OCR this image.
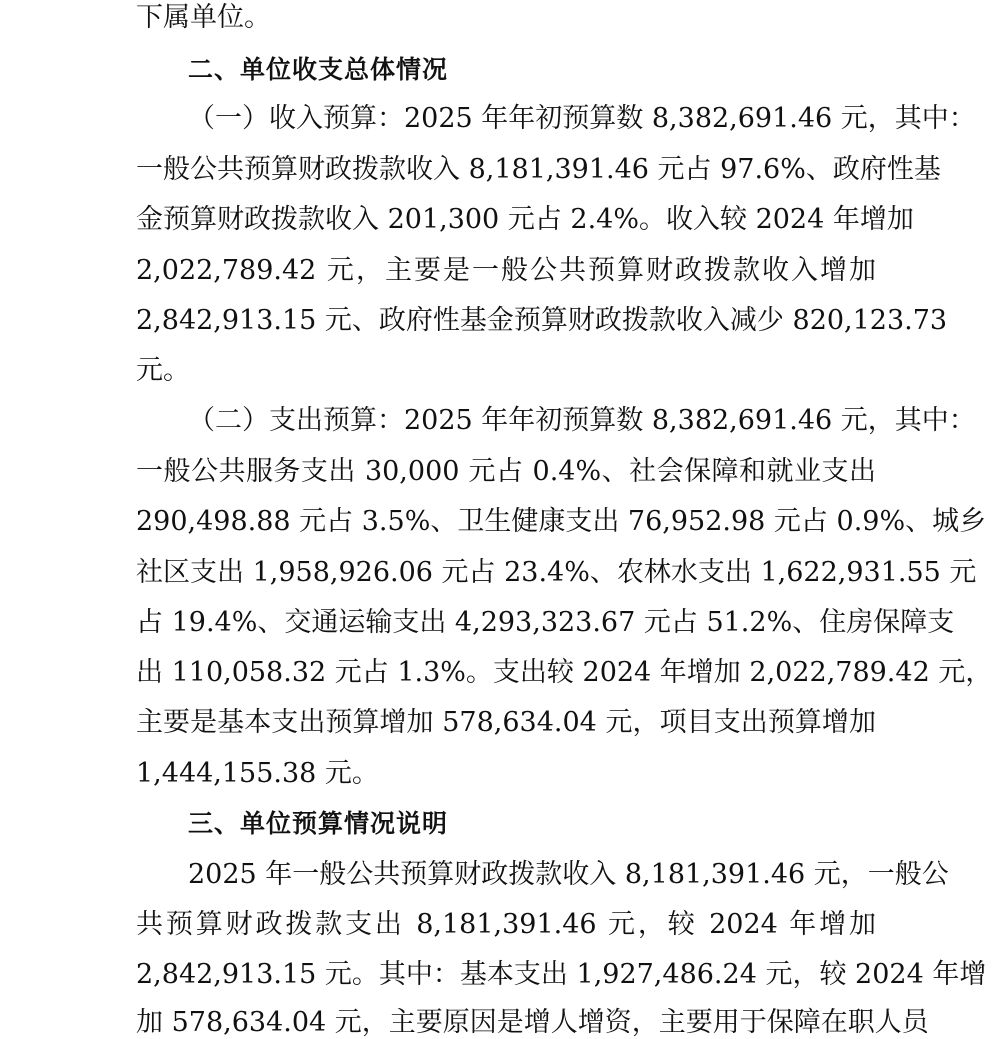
下属单位。
二、单位收支总体情况
（一）收入预算：2025 年年初预算数 8,382,691.46 元，其中：
一般公共预算财政拨款收入 8,181,391.46 元占 97.6%、政府性基
金预算财政拨款收入 201,300 元占 2.4%。收入较 2024 年增加
2,022,789.42 元，主要是一般公共预算财政拨款收入增加
2,842,913.15 元、政府性基金预算财政拨款收入减少 820,123.73
元。
（二）支出预算：2025 年年初预算数 8,382,691.46 元，其中：
一般公共服务支出 30,000 元占 0.4%、社会保障和就业支出
290,498.88 元占 3.5%、卫生健康支出 76,952.98 元占 0.9%、城乡
社区支出 1,958,926.06 元占 23.4%、农林水支出 1,622,931.55 元
占 19.4%、交通运输支出 4,293,323.67 元占 51.2%、住房保障支
出 110,058.32 元占 1.3%。支出较 2024 年增加 2,022,789.42 元，
主要是基本支出预算增加 578,634.04 元，项目支出预算增加
1,444,155.38 元。
三、单位预算情况说明
2025 年一般公共预算财政拨款收入 8,181,391.46 元，一般公
共预算财政拨款支出 8,181,391.46 元，较 2024 年增加
2,842,913.15 元。其中：基本支出 1,927,486.24 元，较 2024 年增
加 578,634.04 元，主要原因是增人增资，主要用于保障在职人员
